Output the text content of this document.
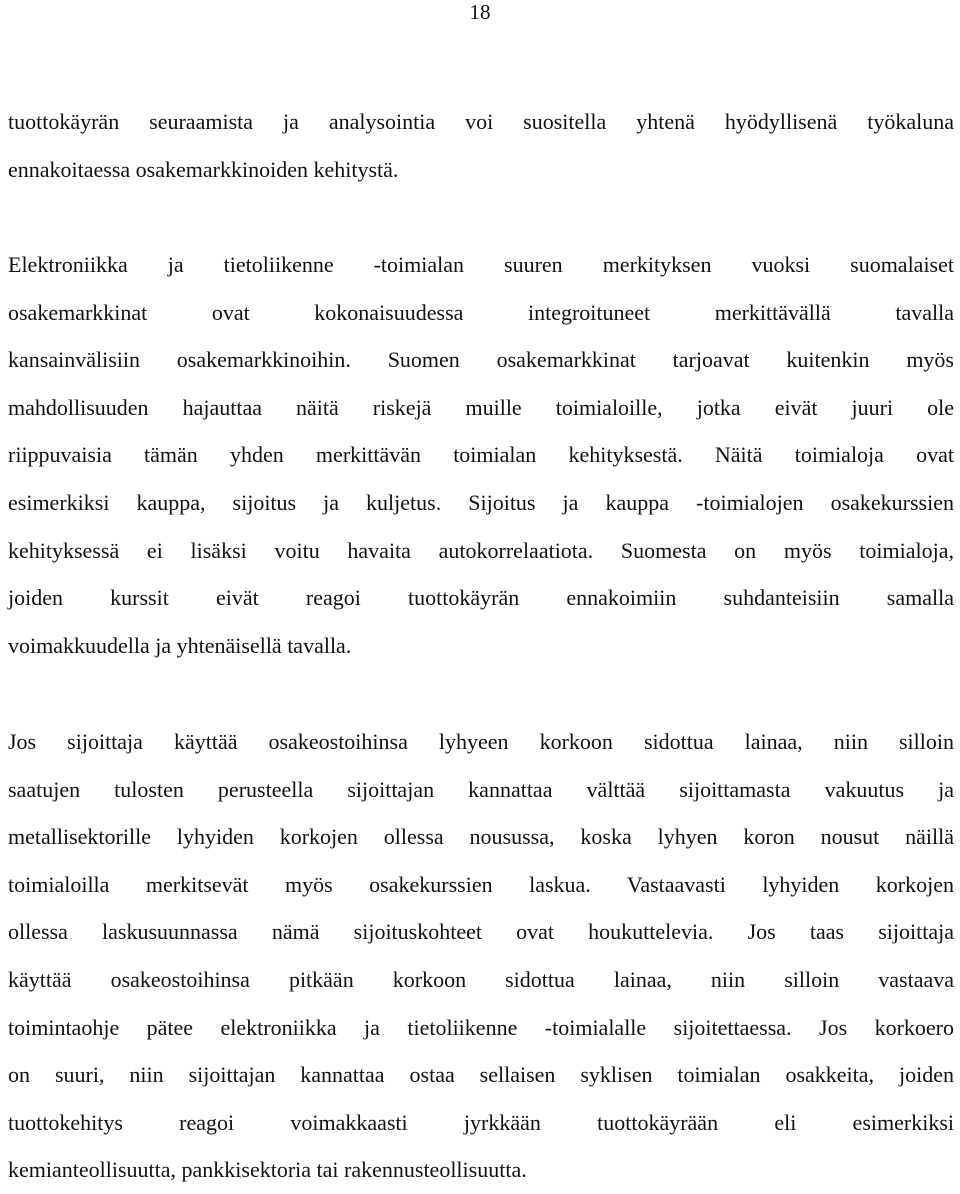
18
tuottokäyrän seuraamista ja analysointia voi suositella yhtenä hyödyllisenä työkaluna
ennakoitaessa osakemarkkinoiden kehitystä.
Elektroniikka ja tietoliikenne -toimialan suuren merkityksen vuoksi suomalaiset
osakemarkkinat ovat kokonaisuudessa integroituneet merkittävällä tavalla
kansainvälisiin osakemarkkinoihin. Suomen osakemarkkinat tarjoavat kuitenkin myös
mahdollisuuden hajauttaa näitä riskejä muille toimialoille, jotka eivät juuri ole
riippuvaisia tämän yhden merkittävän toimialan kehityksestä. Näitä toimialoja ovat
esimerkiksi kauppa, sijoitus ja kuljetus. Sijoitus ja kauppa -toimialojen osakekurssien
kehityksessä ei lisäksi voitu havaita autokorrelaatiota. Suomesta on myös toimialoja,
joiden kurssit eivät reagoi tuottokäyrän ennakoimiin suhdanteisiin samalla
voimakkuudella ja yhtenäisellä tavalla.
Jos sijoittaja käyttää osakeostoihinsa lyhyeen korkoon sidottua lainaa, niin silloin
saatujen tulosten perusteella sijoittajan kannattaa välttää sijoittamasta vakuutus ja
metallisektorille lyhyiden korkojen ollessa nousussa, koska lyhyen koron nousut näillä
toimialoilla merkitsevät myös osakekurssien laskua. Vastaavasti lyhyiden korkojen
ollessa laskusuunnassa nämä sijoituskohteet ovat houkuttelevia. Jos taas sijoittaja
käyttää osakeostoihinsa pitkään korkoon sidottua lainaa, niin silloin vastaava
toimintaohje pätee elektroniikka ja tietoliikenne -toimialalle sijoitettaessa. Jos korkoero
on suuri, niin sijoittajan kannattaa ostaa sellaisen syklisen toimialan osakkeita, joiden
tuottokehitys reagoi voimakkaasti jyrkkään tuottokäyrään eli esimerkiksi
kemianteollisuutta, pankkisektoria tai rakennusteollisuutta.
